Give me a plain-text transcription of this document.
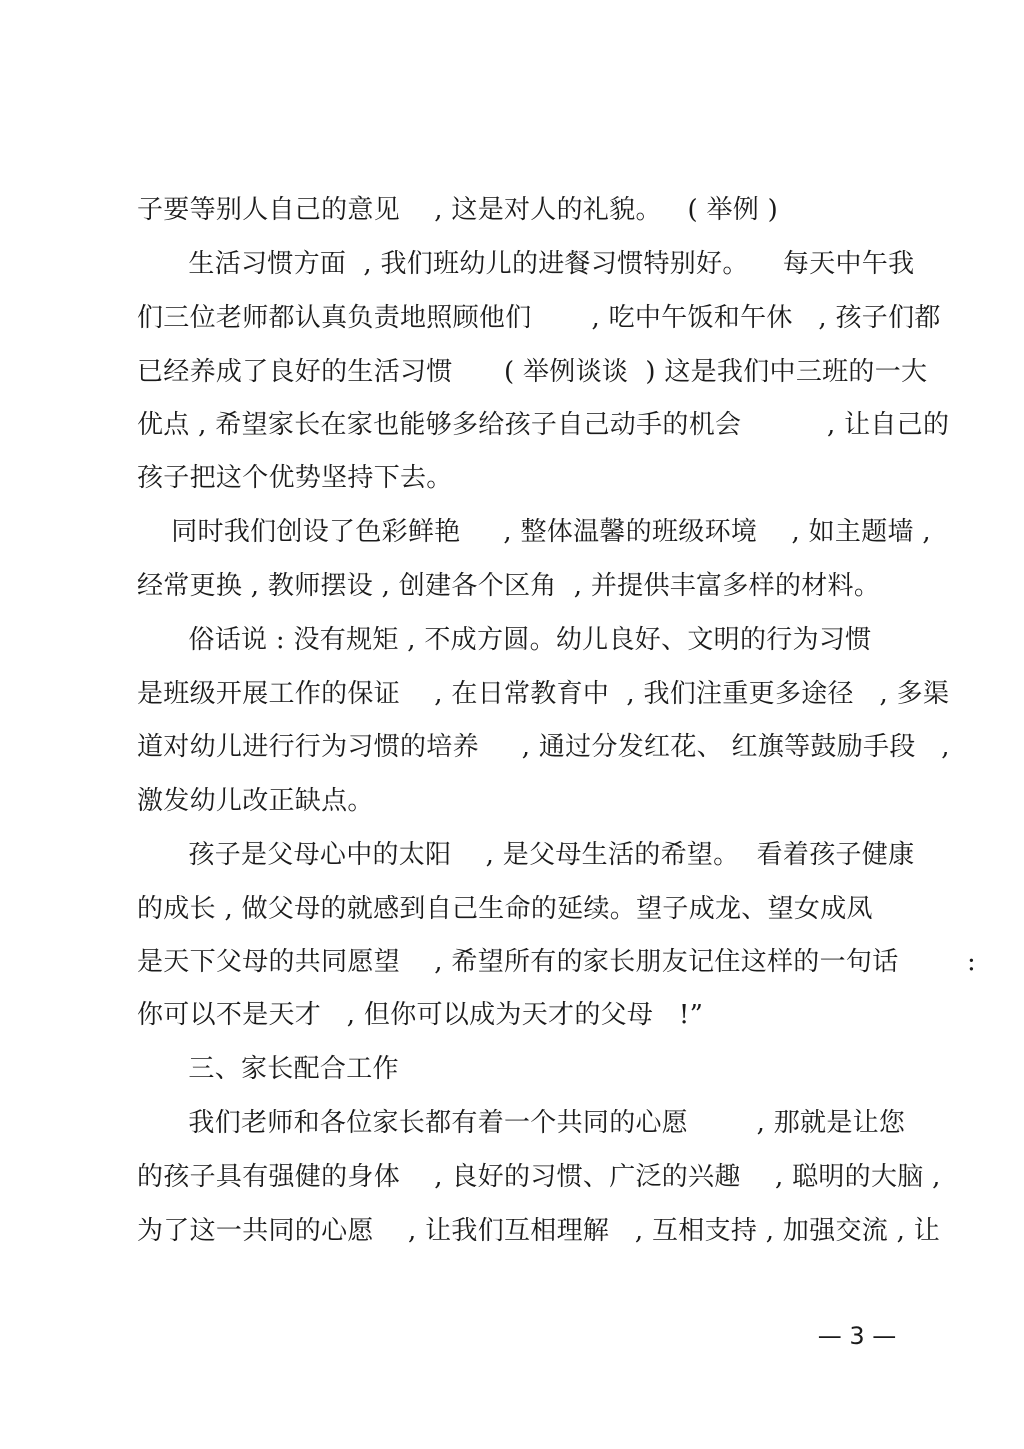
子要等别人自己的意见    , 这是对人的礼貌。   ( 举例 )
生活习惯方面  , 我们班幼儿的进餐习惯特别好。    每天中午我
们三位老师都认真负责地照顾他们       , 吃中午饭和午休   , 孩子们都
已经养成了良好的生活习惯      ( 举例谈谈  ) 这是我们中三班的一大
优点 , 希望家长在家也能够多给孩子自己动手的机会          , 让自己的
孩子把这个优势坚持下去。
同时我们创设了色彩鲜艳     , 整体温馨的班级环境    , 如主题墙 ,
经常更换 , 教师摆设 , 创建各个区角  , 并提供丰富多样的材料。
俗话说 : 没有规矩 , 不成方圆。幼儿良好、文明的行为习惯
是班级开展工作的保证    , 在日常教育中  , 我们注重更多途径   , 多渠
道对幼儿进行行为习惯的培养     , 通过分发红花、 红旗等鼓励手段   ,
激发幼儿改正缺点。
孩子是父母心中的太阳    , 是父母生活的希望。  看着孩子健康
的成长 , 做父母的就感到自己生命的延续。望子成龙、望女成凤
是天下父母的共同愿望    , 希望所有的家长朋友记住这样的一句话        :
你可以不是天才   , 但你可以成为天才的父母   !”
三、家长配合工作
我们老师和各位家长都有着一个共同的心愿        , 那就是让您
的孩子具有强健的身体    , 良好的习惯、广泛的兴趣    , 聪明的大脑 ,
为了这一共同的心愿    , 让我们互相理解   , 互相支持 , 加强交流 , 让
— 3 —
